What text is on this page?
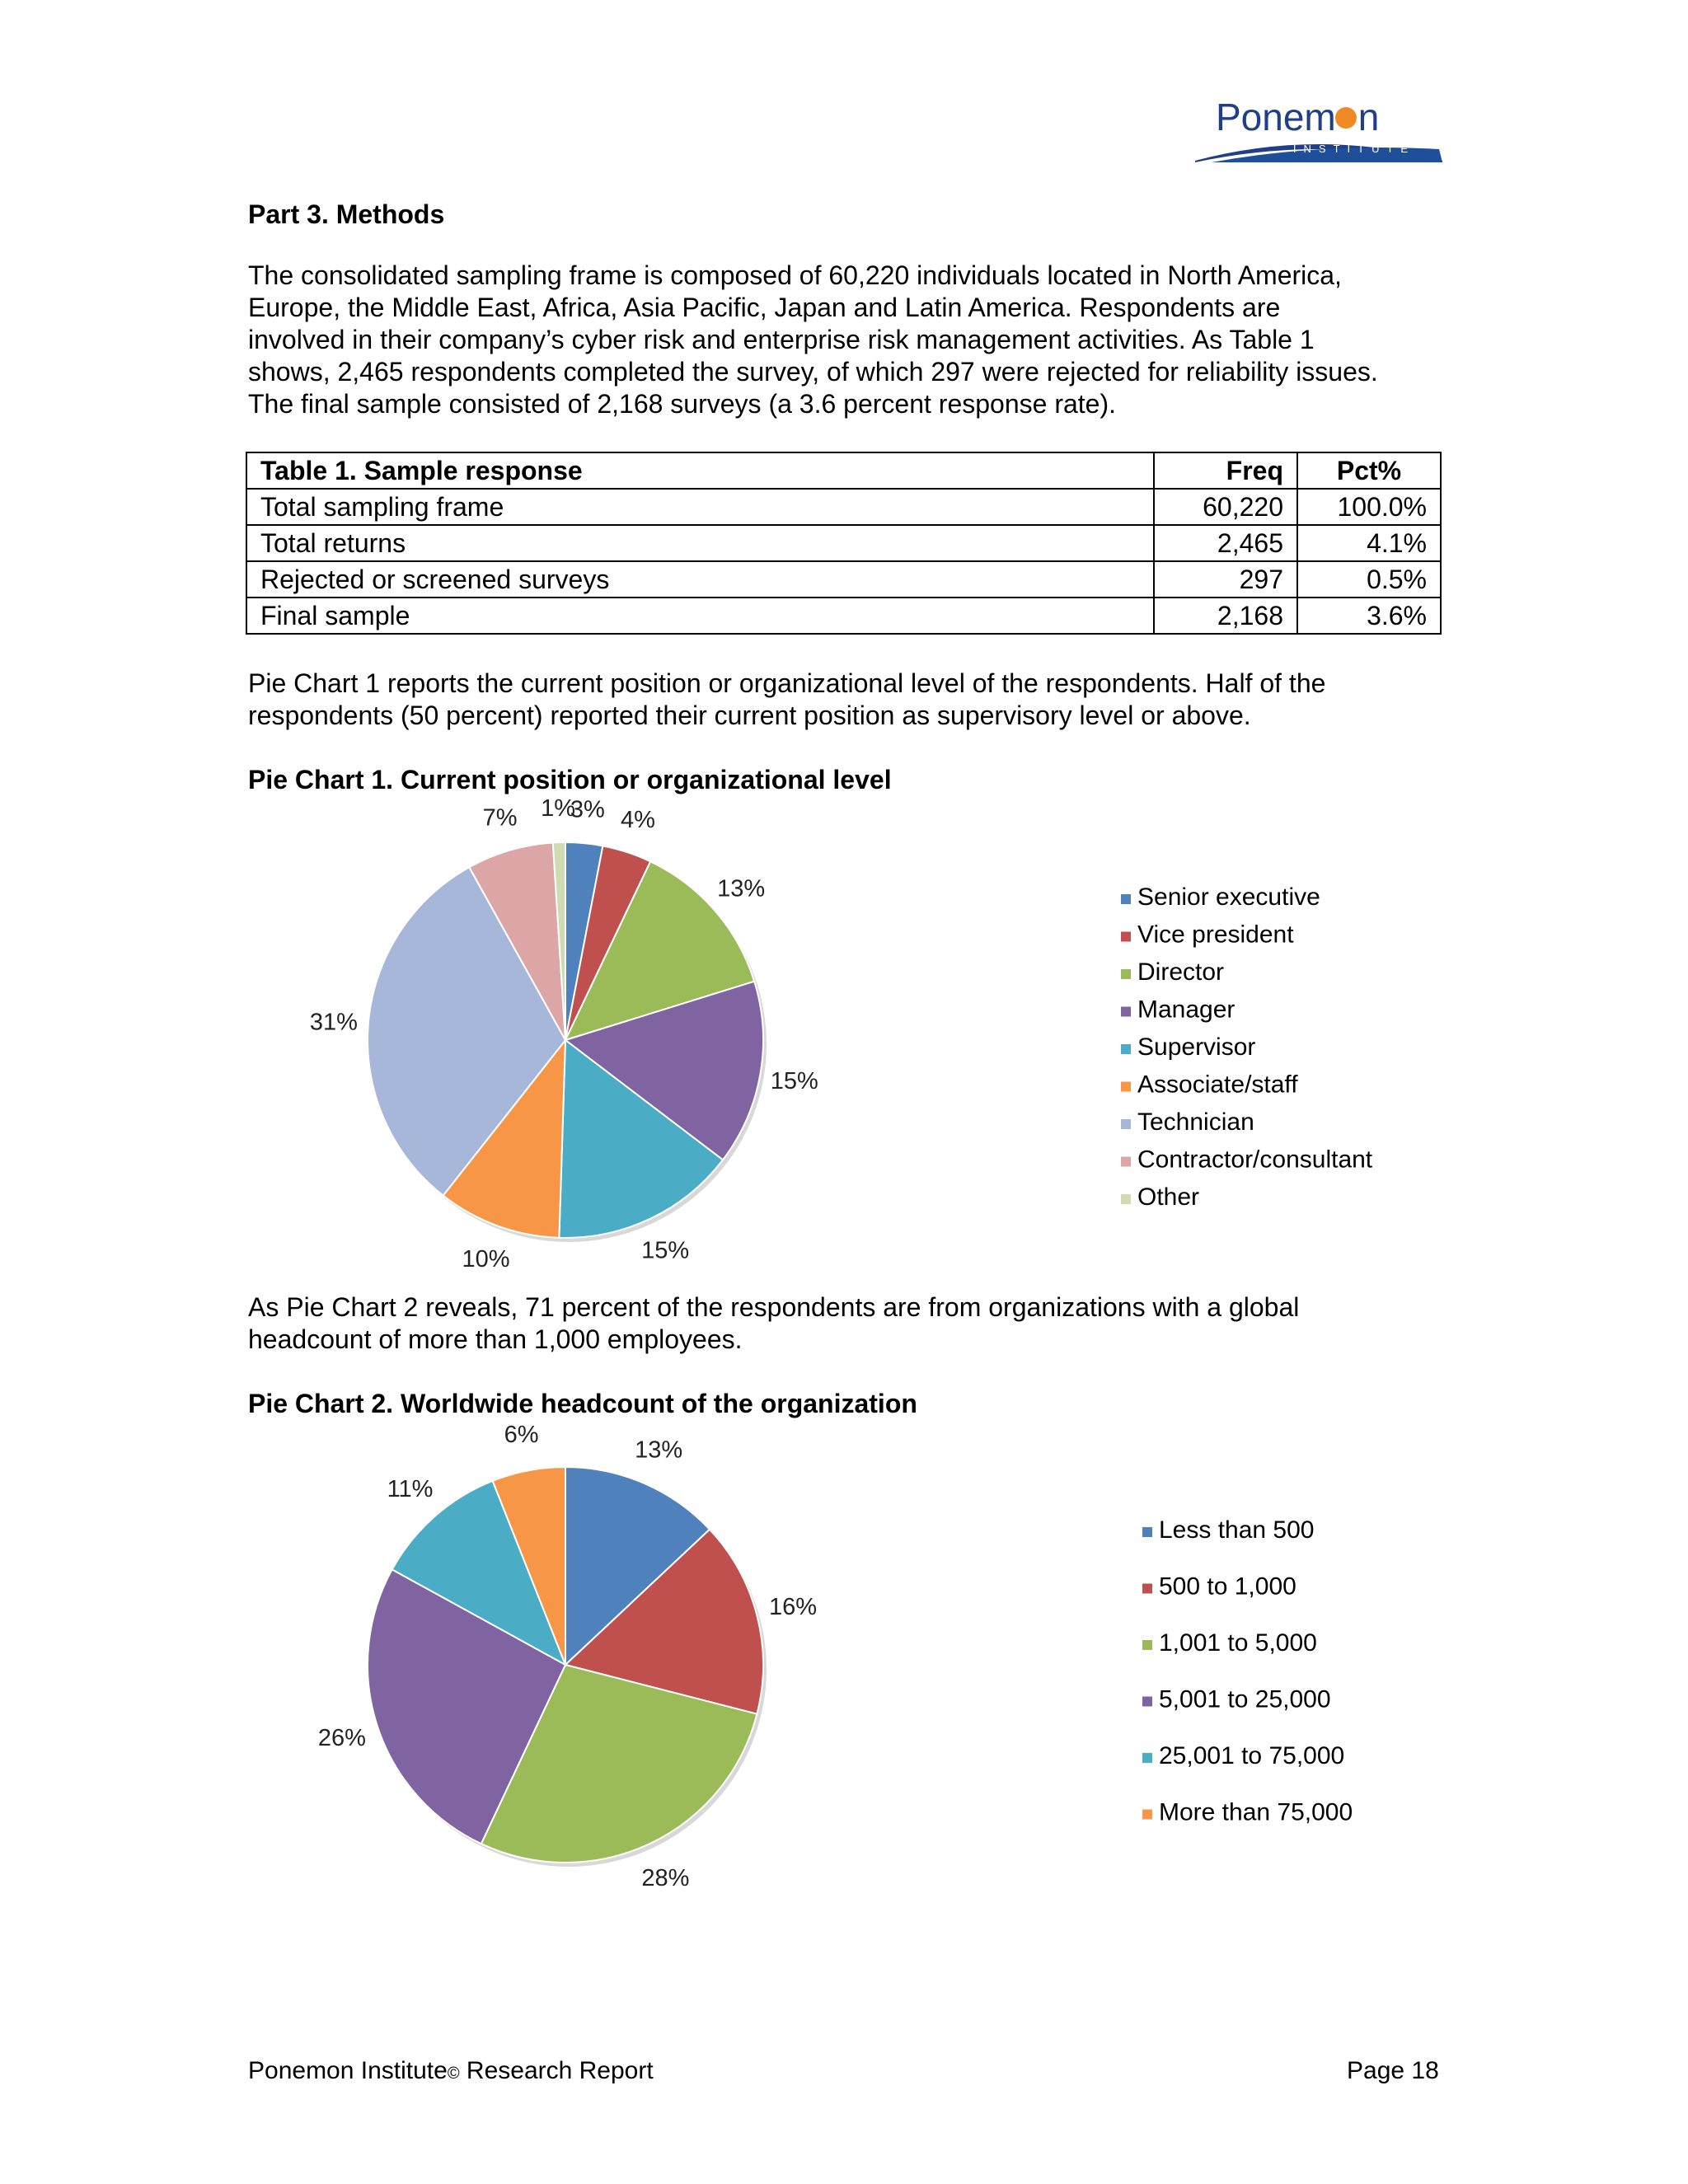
Ponem n
INSTITUTE
Part 3. Methods
The consolidated sampling frame is composed of 60,220 individuals located in North America,
Europe, the Middle East, Africa, Asia Pacific, Japan and Latin America. Respondents are
involved in their company’s cyber risk and enterprise risk management activities. As Table 1
shows, 2,465 respondents completed the survey, of which 297 were rejected for reliability issues.
The final sample consisted of 2,168 surveys (a 3.6 percent response rate).
Table 1. Sample response	Freq	Pct%
Total sampling frame	60,220	100.0%
Total returns	2,465	4.1%
Rejected or screened surveys	297	0.5%
Final sample	2,168	3.6%
Pie Chart 1 reports the current position or organizational level of the respondents. Half of the
respondents (50 percent) reported their current position as supervisory level or above.
Pie Chart 1. Current position or organizational level
3% 4%
13%
15%
15%
10%
31%
7% 1%
Senior executive
Vice president
Director
Manager
Supervisor
Associate/staff
Technician
Contractor/consultant
Other
As Pie Chart 2 reveals, 71 percent of the respondents are from organizations with a global
headcount of more than 1,000 employees.
Pie Chart 2. Worldwide headcount of the organization
13%
16%
28%
26%
11%
6%
Less than 500
500 to 1,000
1,001 to 5,000
5,001 to 25,000
25,001 to 75,000
More than 75,000
Ponemon Institute© Research Report	Page 18
